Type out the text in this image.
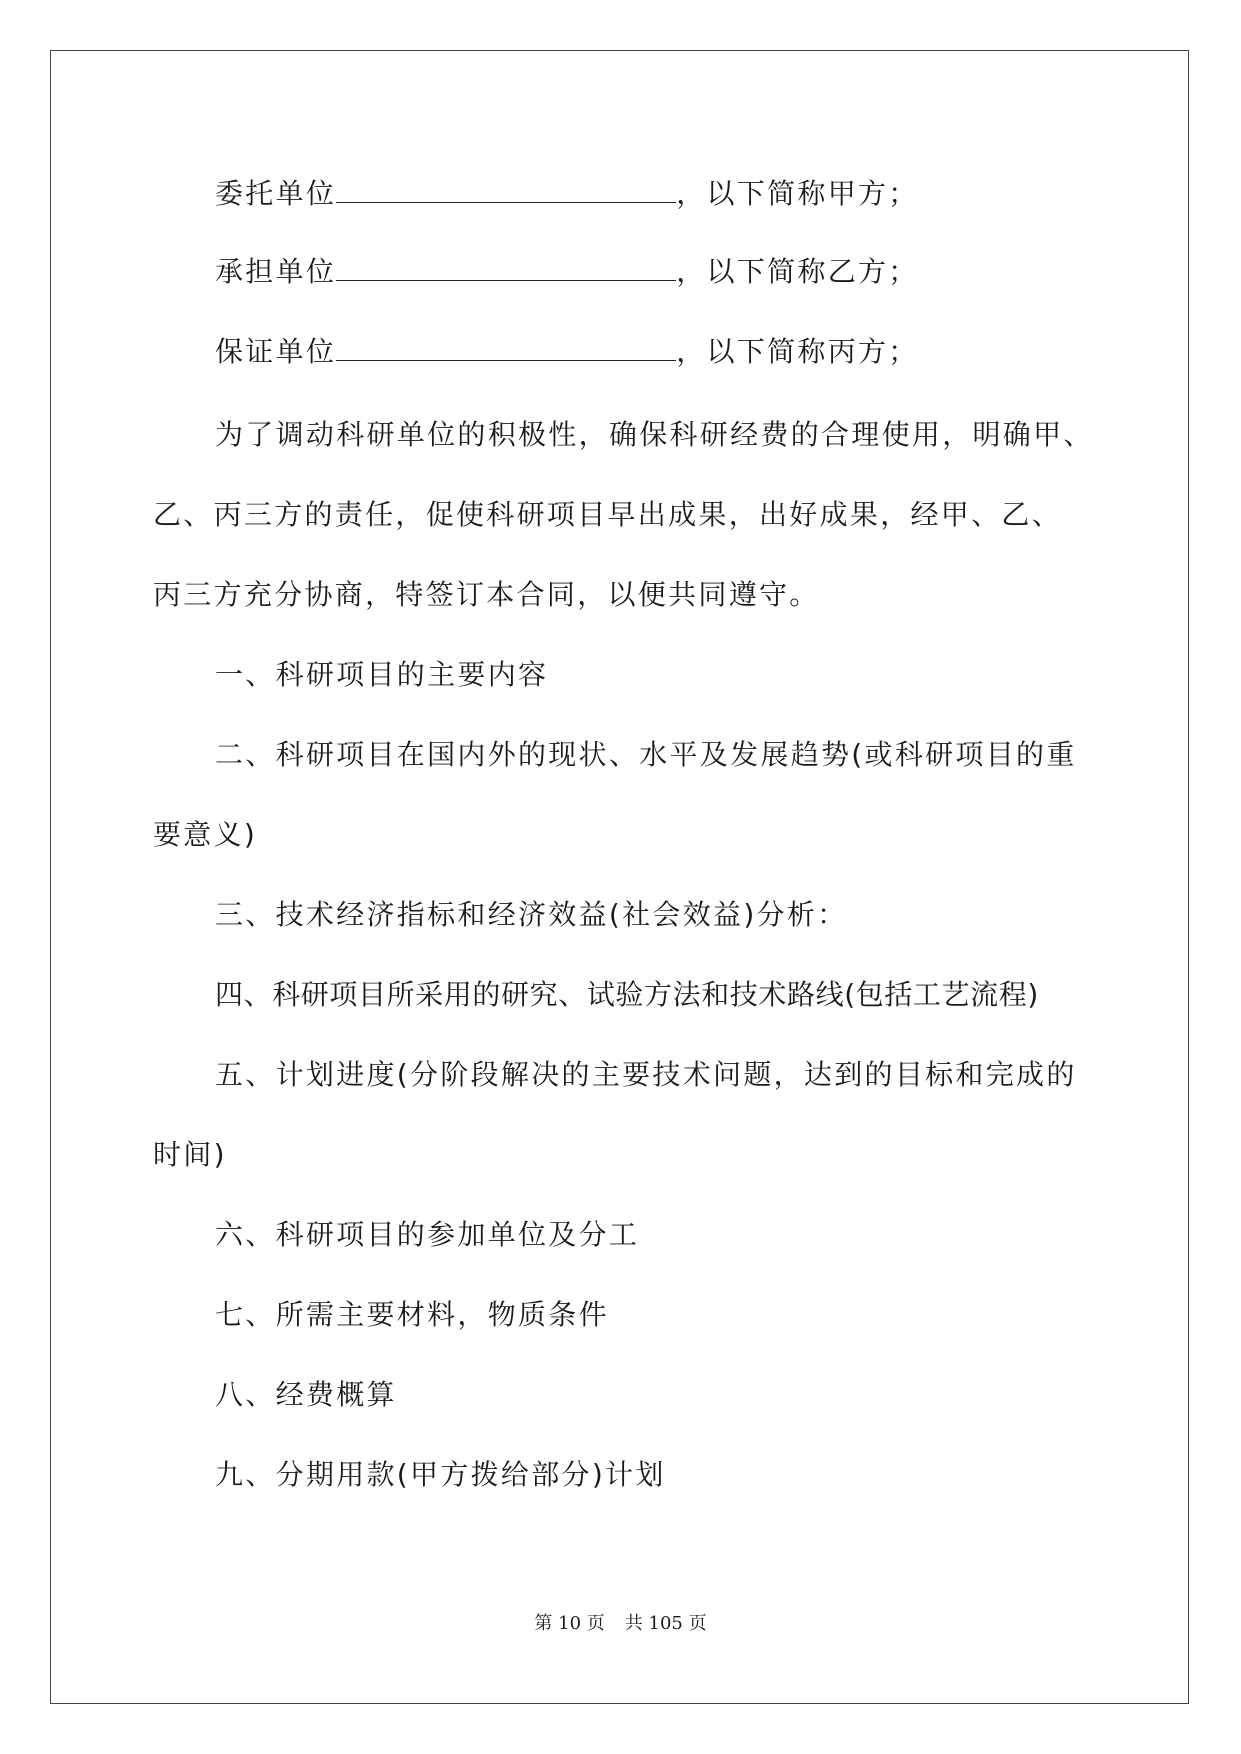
委托单位	，以下简称甲方；
承担单位	，以下简称乙方；
保证单位	，以下简称丙方；
为了调动科研单位的积极性，确保科研经费的合理使用，明确甲、
乙、丙三方的责任，促使科研项目早出成果，出好成果，经甲、乙、
丙三方充分协商，特签订本合同，以便共同遵守。
一、科研项目的主要内容
二、科研项目在国内外的现状、水平及发展趋势(或科研项目的重
要意义)
三、技术经济指标和经济效益(社会效益)分析：
四、科研项目所采用的研究、试验方法和技术路线(包括工艺流程)
五、计划进度(分阶段解决的主要技术问题，达到的目标和完成的
时间)
六、科研项目的参加单位及分工
七、所需主要材料，物质条件
八、经费概算
九、分期用款(甲方拨给部分)计划
第 10 页 共 105 页
